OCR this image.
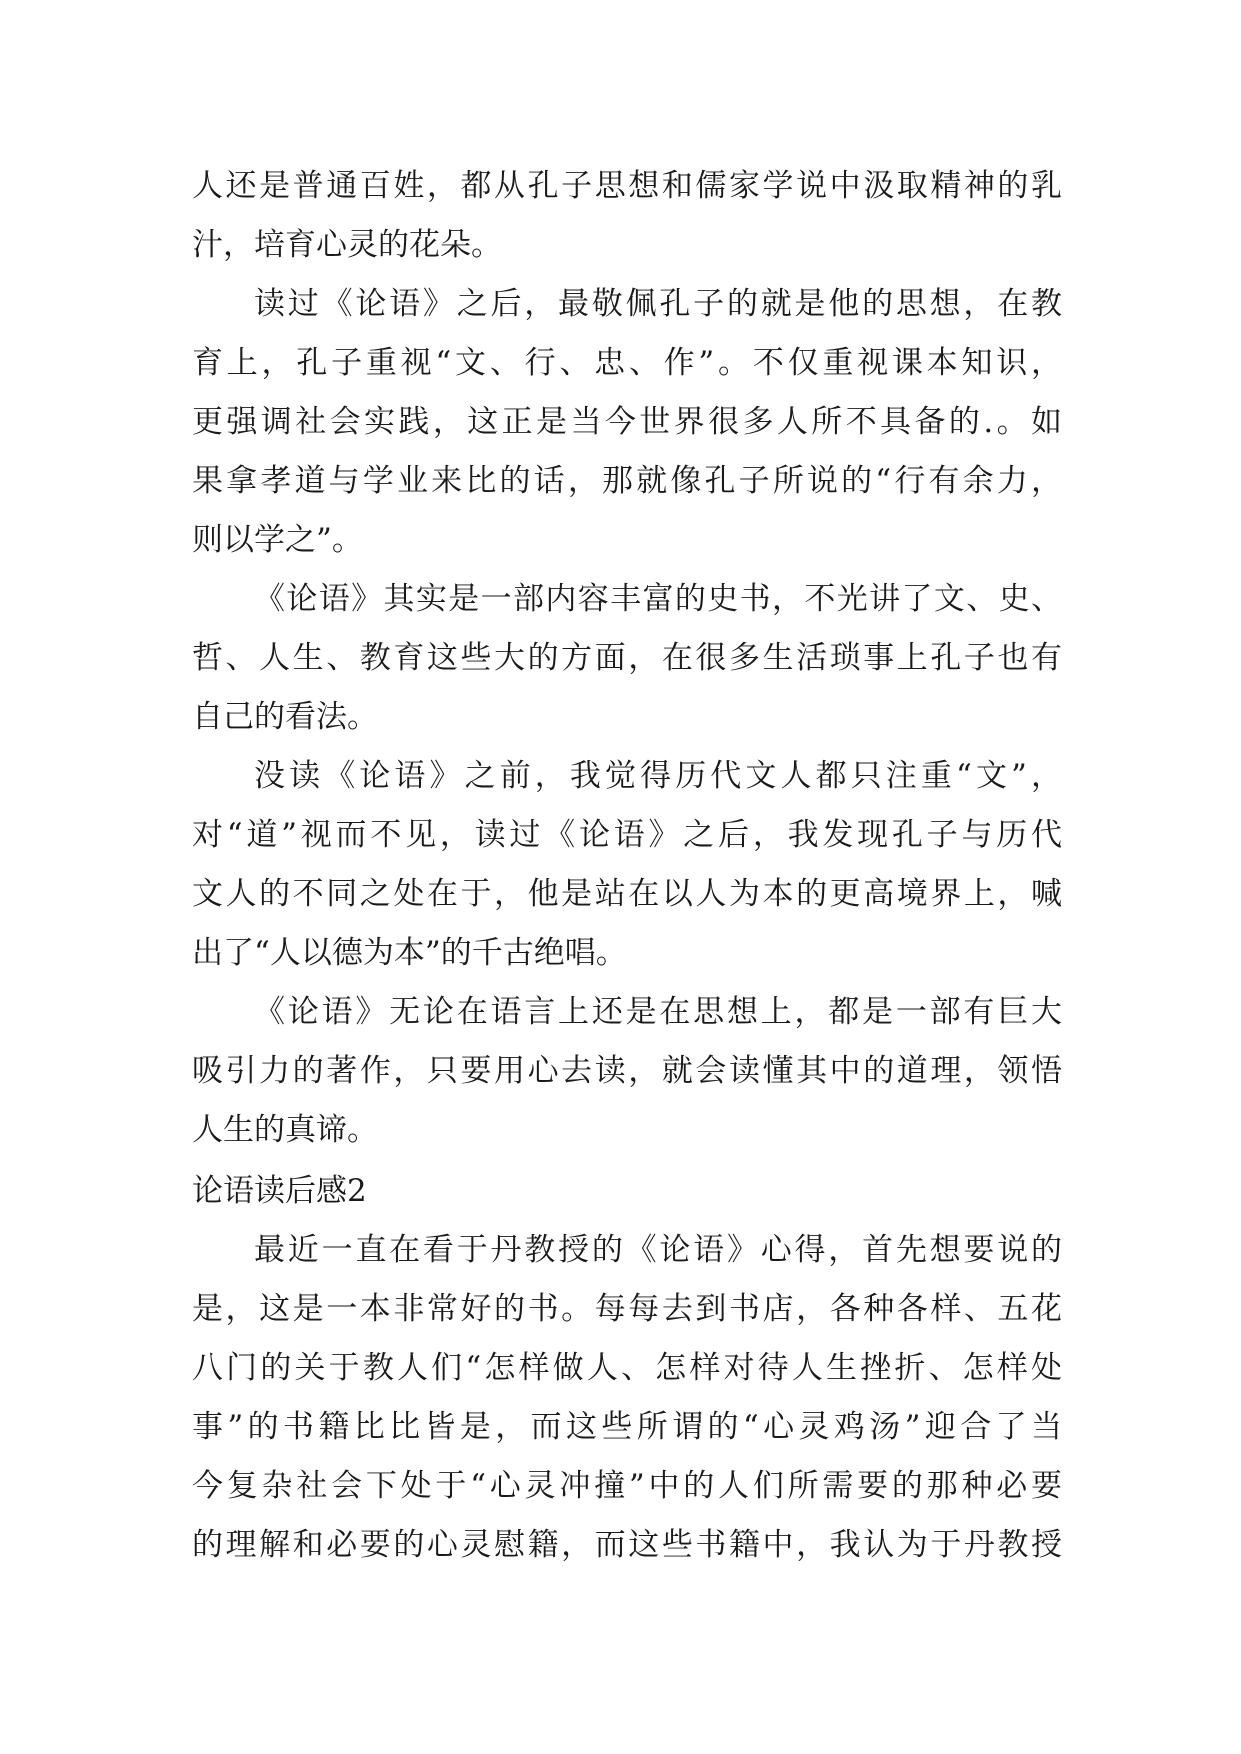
人还是普通百姓，都从孔子思想和儒家学说中汲取精神的乳
汁，培育心灵的花朵。
读过《论语》之后，最敬佩孔子的就是他的思想，在教
育上，孔子重视“文、行、忠、作”。不仅重视课本知识，
更强调社会实践，这正是当今世界很多人所不具备的.。如
果拿孝道与学业来比的话，那就像孔子所说的“行有余力，
则以学之”。
《论语》其实是一部内容丰富的史书，不光讲了文、史、
哲、人生、教育这些大的方面，在很多生活琐事上孔子也有
自己的看法。
没读《论语》之前，我觉得历代文人都只注重“文”，
对“道”视而不见，读过《论语》之后，我发现孔子与历代
文人的不同之处在于，他是站在以人为本的更高境界上，喊
出了“人以德为本”的千古绝唱。
《论语》无论在语言上还是在思想上，都是一部有巨大
吸引力的著作，只要用心去读，就会读懂其中的道理，领悟
人生的真谛。
论语读后感2
最近一直在看于丹教授的《论语》心得，首先想要说的
是，这是一本非常好的书。每每去到书店，各种各样、五花
八门的关于教人们“怎样做人、怎样对待人生挫折、怎样处
事”的书籍比比皆是，而这些所谓的“心灵鸡汤”迎合了当
今复杂社会下处于“心灵冲撞”中的人们所需要的那种必要
的理解和必要的心灵慰籍，而这些书籍中，我认为于丹教授
